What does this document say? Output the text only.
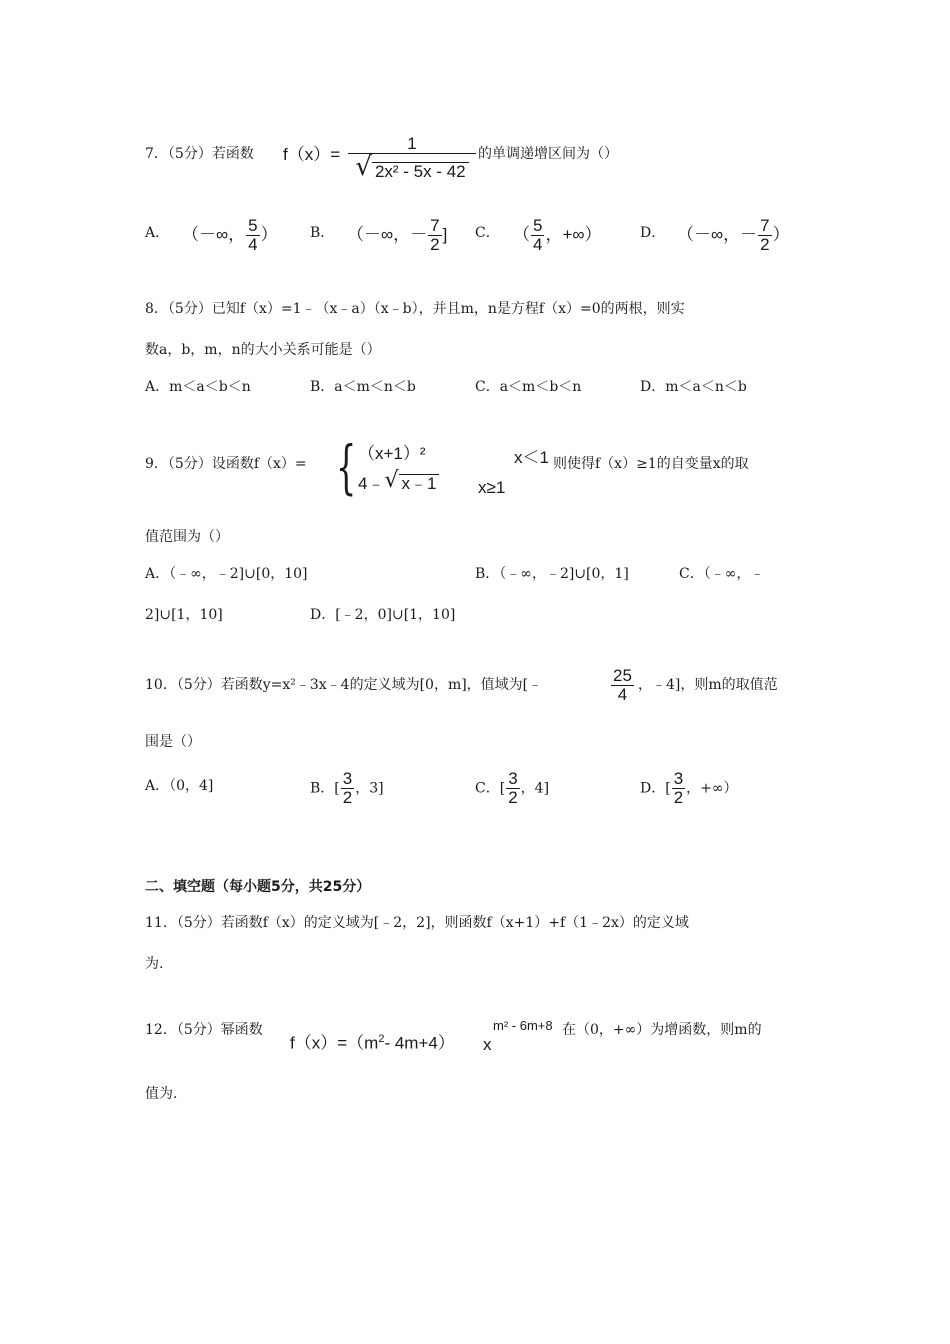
7．（5分）若函数 f（x）=
1
√ 2x² - 5x - 42
的单调递增区间为（）
A． （－∞， $\frac{5}{4}$ ） B． （－∞，－ $\frac{7}{2}$ ] C． （ $\frac{5}{4}$ ，+∞）	D． （－∞，－ $\frac{7}{2}$ ）
8．（5分）已知f（x）=1﹣（x﹣a）（x﹣b），并且m，n是方程f（x）=0的两根，则实
数a，b，m，n的大小关系可能是（）
A．m＜a＜b＜n	B．a＜m＜n＜b	C．a＜m＜b＜n	D．m＜a＜n＜b
9．（5分）设函数f（x）= { （x+1）²	x＜1
4﹣ √ x﹣1 x≥1
则使得f（x）≥1的自变量x的取
值范围为（）
A．（﹣∞，﹣2]∪[0，10]	B．（﹣∞，﹣2]∪[0，1]	C．（﹣∞，﹣
2]∪[1，10]	D．[﹣2，0]∪[1，10]
10．（5分）若函数y=x²﹣3x﹣4的定义域为[0，m]，值域为[﹣	$\frac{25}{4}$ ，﹣4]，则m的取值范
围是（）
A．（0，4]	B．[ $\frac{3}{2}$ ，3]	C．[ $\frac{3}{2}$ ，4]	D．[ $\frac{3}{2}$ ，+∞）
二、填空题（每小题5分，共25分）
11．（5分）若函数f（x）的定义域为[﹣2，2]，则函数f（x+1）+f（1﹣2x）的定义域
为.
12．（5分）幂函数
$f(x)=(m^2-$ 4m+4） x
m² - 6m+8 在（0，+∞）为增函数，则m的
值为.
